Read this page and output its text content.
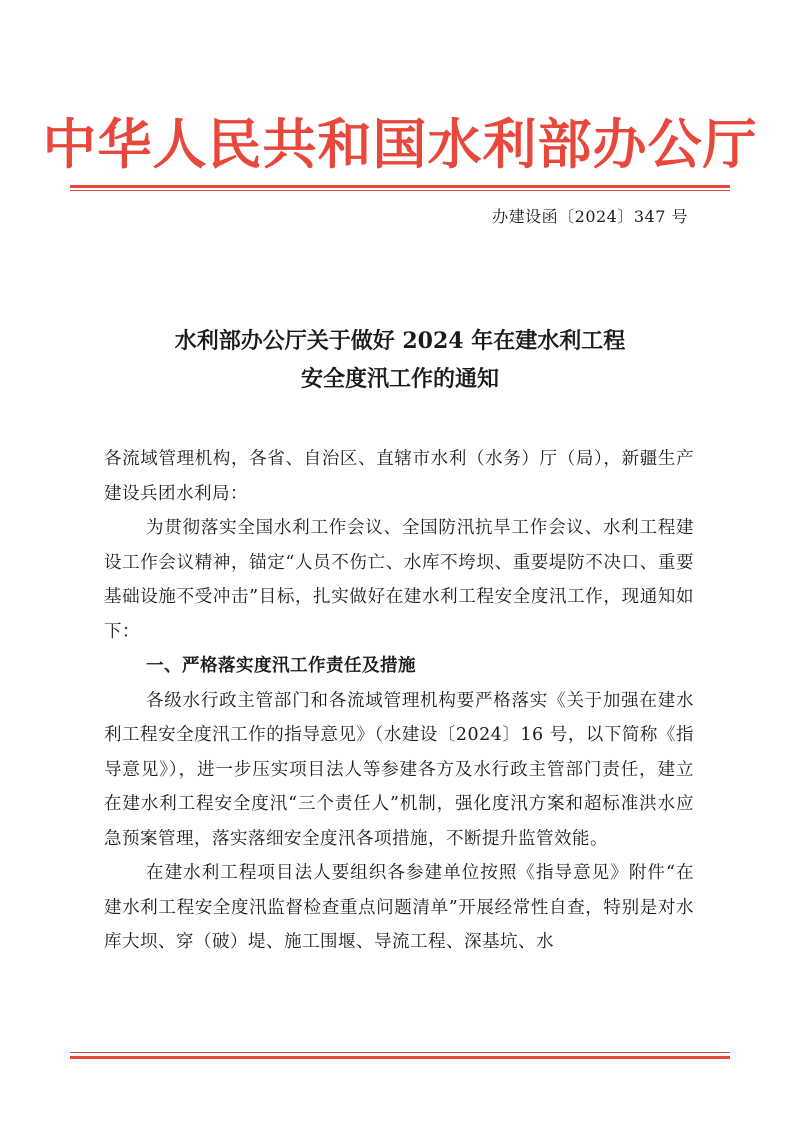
中华人民共和国水利部办公厅
办建设函〔2024〕347 号
水利部办公厅关于做好 2024 年在建水利工程
安全度汛工作的通知

各流域管理机构，各省、自治区、直辖市水利（水务）厅（局），新疆生产建设兵团水利局：

为贯彻落实全国水利工作会议、全国防汛抗旱工作会议、水利工程建设工作会议精神，锚定“人员不伤亡、水库不垮坝、重要堤防不决口、重要基础设施不受冲击”目标，扎实做好在建水利工程安全度汛工作，现通知如下：

一、严格落实度汛工作责任及措施

各级水行政主管部门和各流域管理机构要严格落实《关于加强在建水利工程安全度汛工作的指导意见》（水建设〔2024〕16 号，以下简称《指导意见》），进一步压实项目法人等参建各方及水行政主管部门责任，建立在建水利工程安全度汛“三个责任人”机制，强化度汛方案和超标准洪水应急预案管理，落实落细安全度汛各项措施，不断提升监管效能。

在建水利工程项目法人要组织各参建单位按照《指导意见》附件“在建水利工程安全度汛监督检查重点问题清单”开展经常性自查，特别是对水库大坝、穿（破）堤、施工围堰、导流工程、深基坑、水
